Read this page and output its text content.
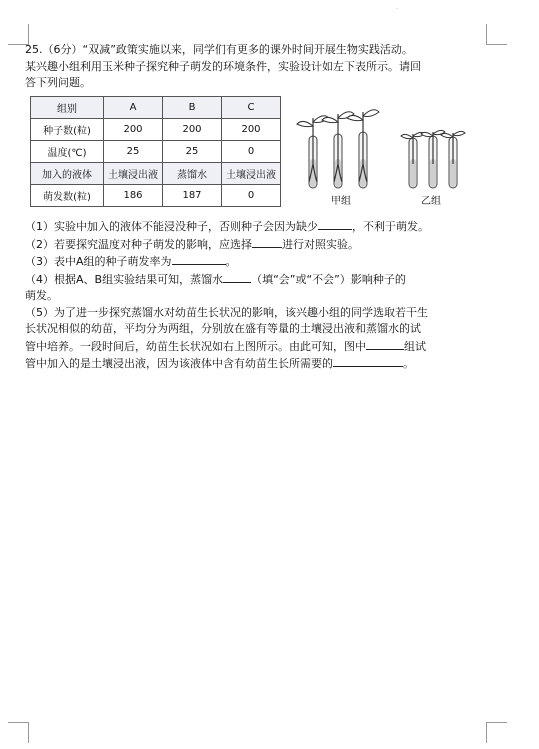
·

25.（6分）“双减”政策实施以来，同学们有更多的课外时间开展生物实践活动。

某兴趣小组利用玉米种子探究种子萌发的环境条件，实验设计如左下表所示。请回

答下列问题。

组别	A	B	C
种子数(粒)	200	200	200
温度(℃)	25	25	0
加入的液体	土壤浸出液	蒸馏水	土壤浸出液
萌发数(粒)	186	187	0
甲组	乙组

（1）实验中加入的液体不能浸没种子，否则种子会因为缺少	，不利于萌发。

（2）若要探究温度对种子萌发的影响，应选择	进行对照实验。

（3）表中A组的种子萌发率为	。

（4）根据A、B组实验结果可知，蒸馏水	（填“会”或“不会”）影响种子的

萌发。

（5）为了进一步探究蒸馏水对幼苗生长状况的影响，该兴趣小组的同学选取若干生

长状况相似的幼苗，平均分为两组，分别放在盛有等量的土壤浸出液和蒸馏水的试

管中培养。一段时间后，幼苗生长状况如右上图所示。由此可知，图中	组试

管中加入的是土壤浸出液，因为该液体中含有幼苗生长所需要的	。
